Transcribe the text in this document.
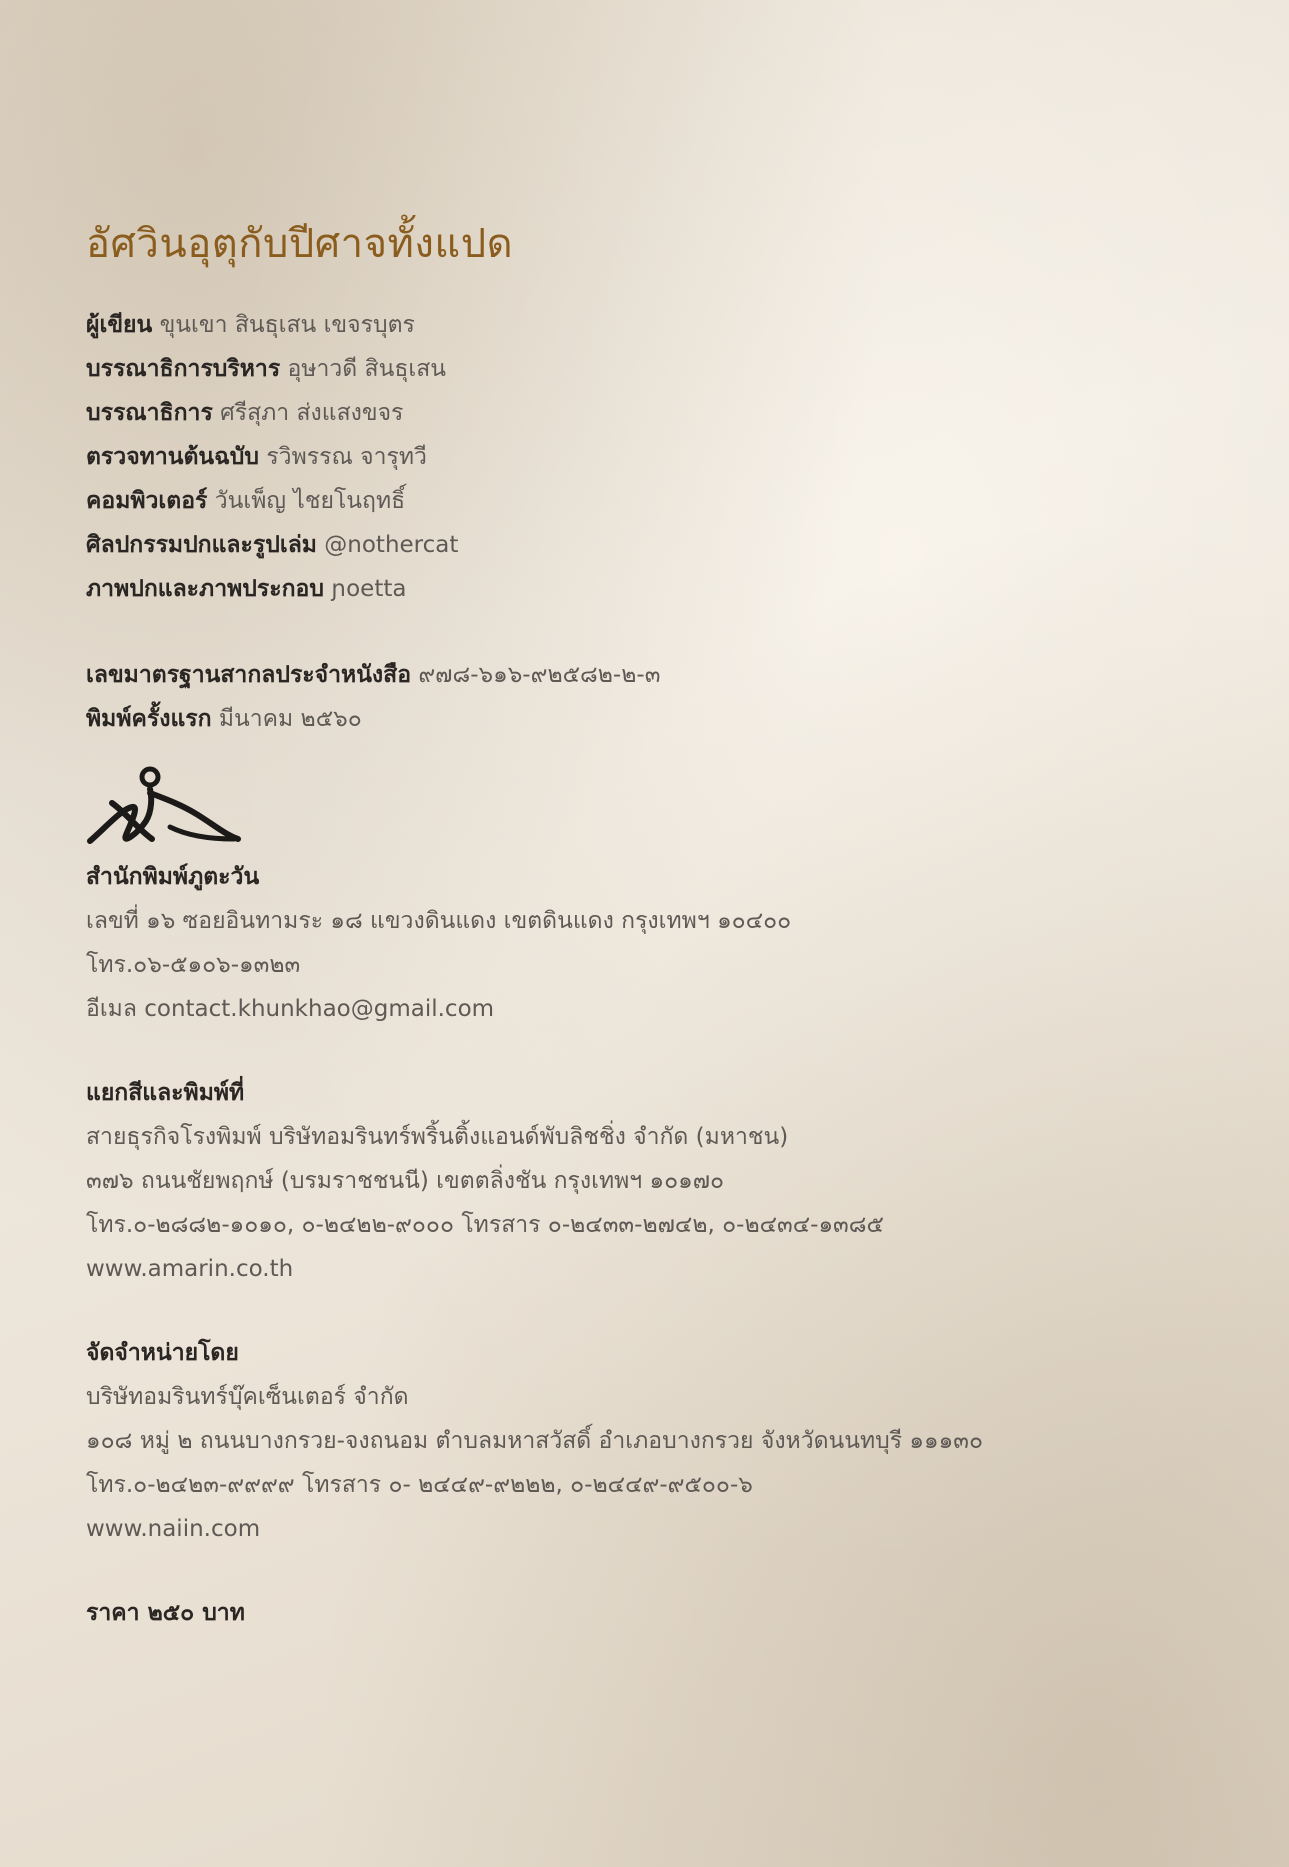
อัศวินอุตุกับปีศาจทั้งแปด
ผู้เขียน ขุนเขา สินธุเสน เขจรบุตร
บรรณาธิการบริหาร อุษาวดี สินธุเสน
บรรณาธิการ ศรีสุภา ส่งแสงขจร
ตรวจทานต้นฉบับ รวิพรรณ จารุทวี
คอมพิวเตอร์ วันเพ็ญ ไชยโนฤทธิ์
ศิลปกรรมปกและรูปเล่ม @nothercat
ภาพปกและภาพประกอบ ɲoetta
เลขมาตรฐานสากลประจำหนังสือ ๙๗๘-๖๑๖-๙๒๕๘๒-๒-๓
พิมพ์ครั้งแรก มีนาคม ๒๕๖๐
สำนักพิมพ์ภูตะวัน
เลขที่ ๑๖ ซอยอินทามระ ๑๘ แขวงดินแดง เขตดินแดง กรุงเทพฯ ๑๐๔๐๐
โทร.๐๖-๕๑๐๖-๑๓๒๓
อีเมล contact.khunkhao@gmail.com
แยกสีและพิมพ์ที่
สายธุรกิจโรงพิมพ์ บริษัทอมรินทร์พริ้นติ้งแอนด์พับลิชชิ่ง จำกัด (มหาชน)
๓๗๖ ถนนชัยพฤกษ์ (บรมราชชนนี) เขตตลิ่งชัน กรุงเทพฯ ๑๐๑๗๐
โทร.๐-๒๘๘๒-๑๐๑๐, ๐-๒๔๒๒-๙๐๐๐ โทรสาร ๐-๒๔๓๓-๒๗๔๒, ๐-๒๔๓๔-๑๓๘๕
www.amarin.co.th
จัดจำหน่ายโดย
บริษัทอมรินทร์บุ๊คเซ็นเตอร์ จำกัด
๑๐๘ หมู่ ๒ ถนนบางกรวย-จงถนอม ตำบลมหาสวัสดิ์ อำเภอบางกรวย จังหวัดนนทบุรี ๑๑๑๓๐
โทร.๐-๒๔๒๓-๙๙๙๙ โทรสาร ๐- ๒๔๔๙-๙๒๒๒, ๐-๒๔๔๙-๙๕๐๐-๖
www.naiin.com
ราคา ๒๕๐ บาท
